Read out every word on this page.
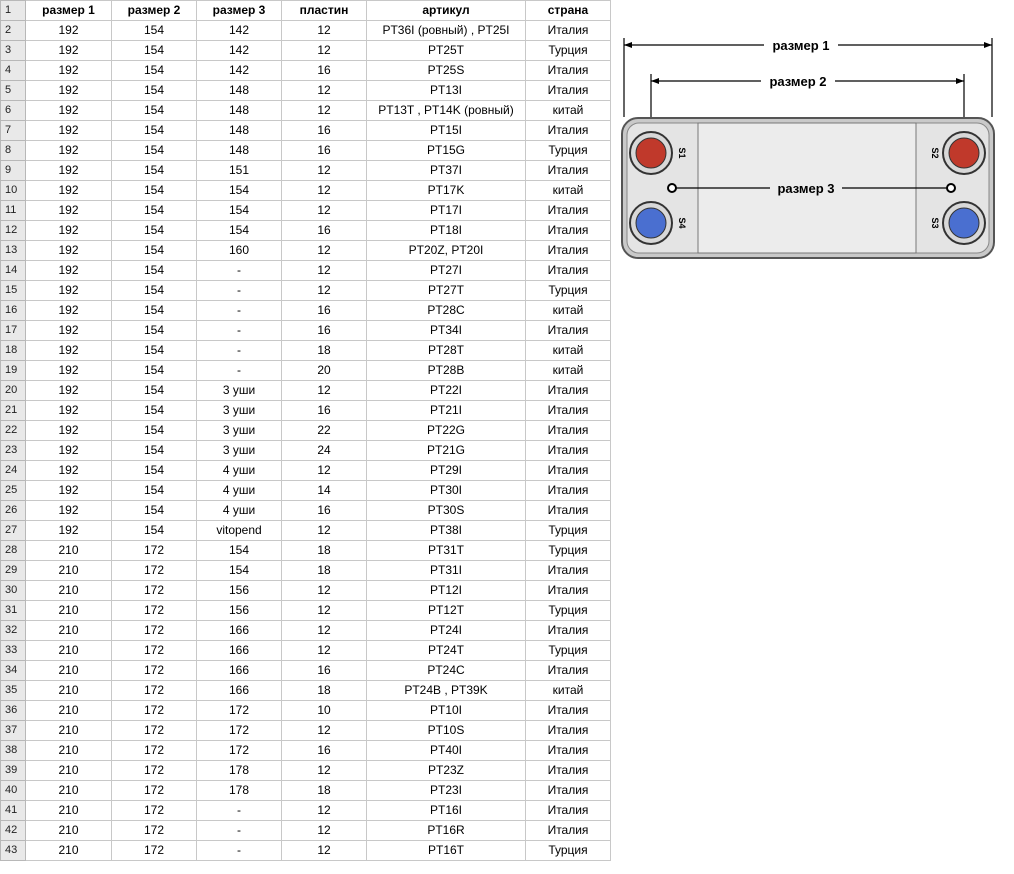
1	размер 1	размер 2	размер 3	пластин	артикул	страна
2	192	154	142	12	PT36I (ровный) , PT25I	Италия
3	192	154	142	12	PT25T	Турция
4	192	154	142	16	PT25S	Италия
5	192	154	148	12	PT13I	Италия
6	192	154	148	12	PT13T , PT14K (ровный)	китай
7	192	154	148	16	PT15I	Италия
8	192	154	148	16	PT15G	Турция
9	192	154	151	12	PT37I	Италия
10	192	154	154	12	PT17K	китай
11	192	154	154	12	PT17I	Италия
12	192	154	154	16	PT18I	Италия
13	192	154	160	12	PT20Z, PT20I	Италия
14	192	154	-	12	PT27I	Италия
15	192	154	-	12	PT27T	Турция
16	192	154	-	16	PT28C	китай
17	192	154	-	16	PT34I	Италия
18	192	154	-	18	PT28T	китай
19	192	154	-	20	PT28B	китай
20	192	154	3 уши	12	PT22I	Италия
21	192	154	3 уши	16	PT21I	Италия
22	192	154	3 уши	22	PT22G	Италия
23	192	154	3 уши	24	PT21G	Италия
24	192	154	4 уши	12	PT29I	Италия
25	192	154	4 уши	14	PT30I	Италия
26	192	154	4 уши	16	PT30S	Италия
27	192	154	vitopend	12	PT38I	Турция
28	210	172	154	18	PT31T	Турция
29	210	172	154	18	PT31I	Италия
30	210	172	156	12	PT12I	Италия
31	210	172	156	12	PT12T	Турция
32	210	172	166	12	PT24I	Италия
33	210	172	166	12	PT24T	Турция
34	210	172	166	16	PT24C	Италия
35	210	172	166	18	PT24B , PT39K	китай
36	210	172	172	10	PT10I	Италия
37	210	172	172	12	PT10S	Италия
38	210	172	172	16	PT40I	Италия
39	210	172	178	12	PT23Z	Италия
40	210	172	178	18	PT23I	Италия
41	210	172	-	12	PT16I	Италия
42	210	172	-	12	PT16R	Италия
43	210	172	-	12	PT16T	Турция
размер 1
размер 2
S1
S4
S2
S3
размер 3
